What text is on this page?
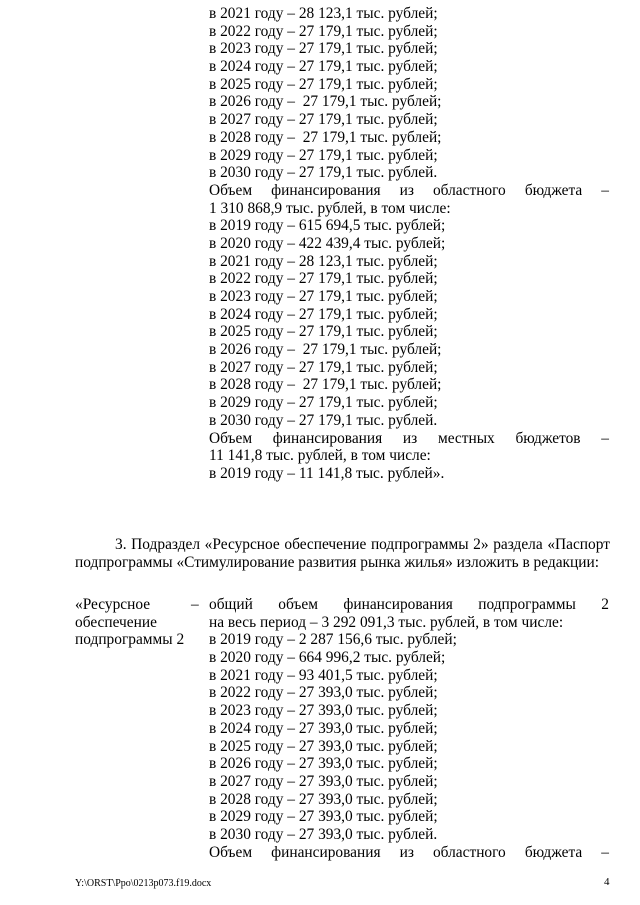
в 2021 году – 28 123,1 тыс. рублей;
в 2022 году – 27 179,1 тыс. рублей;
в 2023 году – 27 179,1 тыс. рублей;
в 2024 году – 27 179,1 тыс. рублей;
в 2025 году – 27 179,1 тыс. рублей;
в 2026 году –  27 179,1 тыс. рублей;
в 2027 году – 27 179,1 тыс. рублей;
в 2028 году –  27 179,1 тыс. рублей;
в 2029 году – 27 179,1 тыс. рублей;
в 2030 году – 27 179,1 тыс. рублей.
Объем финансирования из областного бюджета –
1 310 868,9 тыс. рублей, в том числе:
в 2019 году – 615 694,5 тыс. рублей;
в 2020 году – 422 439,4 тыс. рублей;
в 2021 году – 28 123,1 тыс. рублей;
в 2022 году – 27 179,1 тыс. рублей;
в 2023 году – 27 179,1 тыс. рублей;
в 2024 году – 27 179,1 тыс. рублей;
в 2025 году – 27 179,1 тыс. рублей;
в 2026 году –  27 179,1 тыс. рублей;
в 2027 году – 27 179,1 тыс. рублей;
в 2028 году –  27 179,1 тыс. рублей;
в 2029 году – 27 179,1 тыс. рублей;
в 2030 году – 27 179,1 тыс. рублей.
Объем финансирования из местных бюджетов –
11 141,8 тыс. рублей, в том числе:
в 2019 году – 11 141,8 тыс. рублей».
3. Подраздел «Ресурсное обеспечение подпрограммы 2» раздела «Паспорт
подпрограммы «Стимулирование развития рынка жилья» изложить в редакции:
«Ресурсное
обеспечение
подпрограммы 2
– общий объем финансирования подпрограммы 2
на весь период – 3 292 091,3 тыс. рублей, в том числе:
в 2019 году – 2 287 156,6 тыс. рублей;
в 2020 году – 664 996,2 тыс. рублей;
в 2021 году – 93 401,5 тыс. рублей;
в 2022 году – 27 393,0 тыс. рублей;
в 2023 году – 27 393,0 тыс. рублей;
в 2024 году – 27 393,0 тыс. рублей;
в 2025 году – 27 393,0 тыс. рублей;
в 2026 году – 27 393,0 тыс. рублей;
в 2027 году – 27 393,0 тыс. рублей;
в 2028 году – 27 393,0 тыс. рублей;
в 2029 году – 27 393,0 тыс. рублей;
в 2030 году – 27 393,0 тыс. рублей.
Объем финансирования из областного бюджета –
Y:\ORST\Ppo\0213p073.f19.docx	4
